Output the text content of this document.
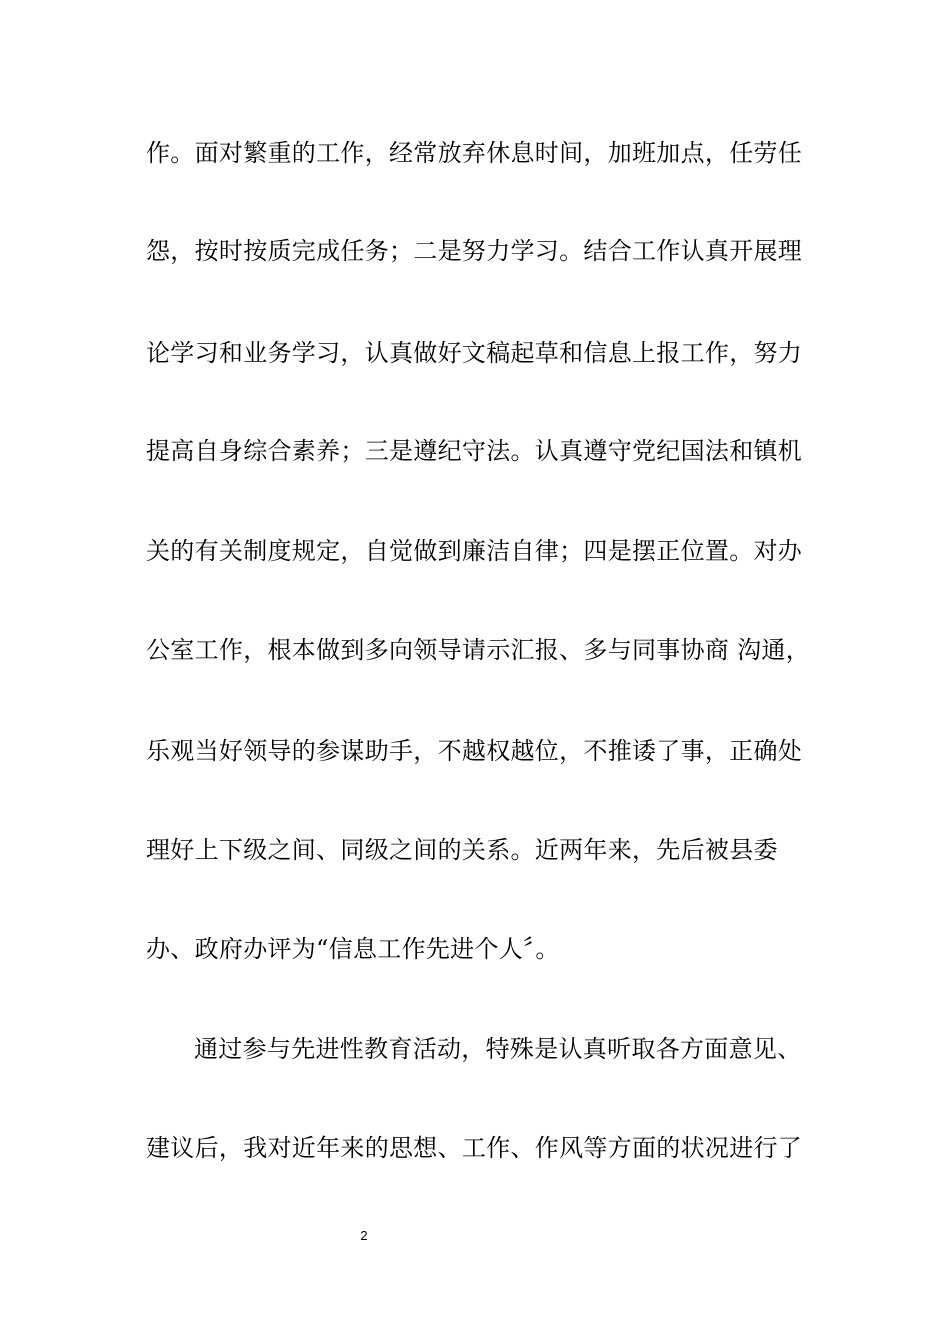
作。面对繁重的工作，经常放弃休息时间，加班加点，任劳任
怨，按时按质完成任务；二是努力学习。结合工作认真开展理
论学习和业务学习，认真做好文稿起草和信息上报工作，努力
提高自身综合素养；三是遵纪守法。认真遵守党纪国法和镇机
关的有关制度规定，自觉做到廉洁自律；四是摆正位置。对办
公室工作，根本做到多向领导请示汇报、多与同事协商 沟通，
乐观当好领导的参谋助手，不越权越位，不推诿了事，正确处
理好上下级之间、同级之间的关系。近两年来，先后被县委
办、政府办评为“信息工作先进个人〞。
通过参与先进性教育活动，特殊是认真听取各方面意见、
建议后，我对近年来的思想、工作、作风等方面的状况进行了
2
